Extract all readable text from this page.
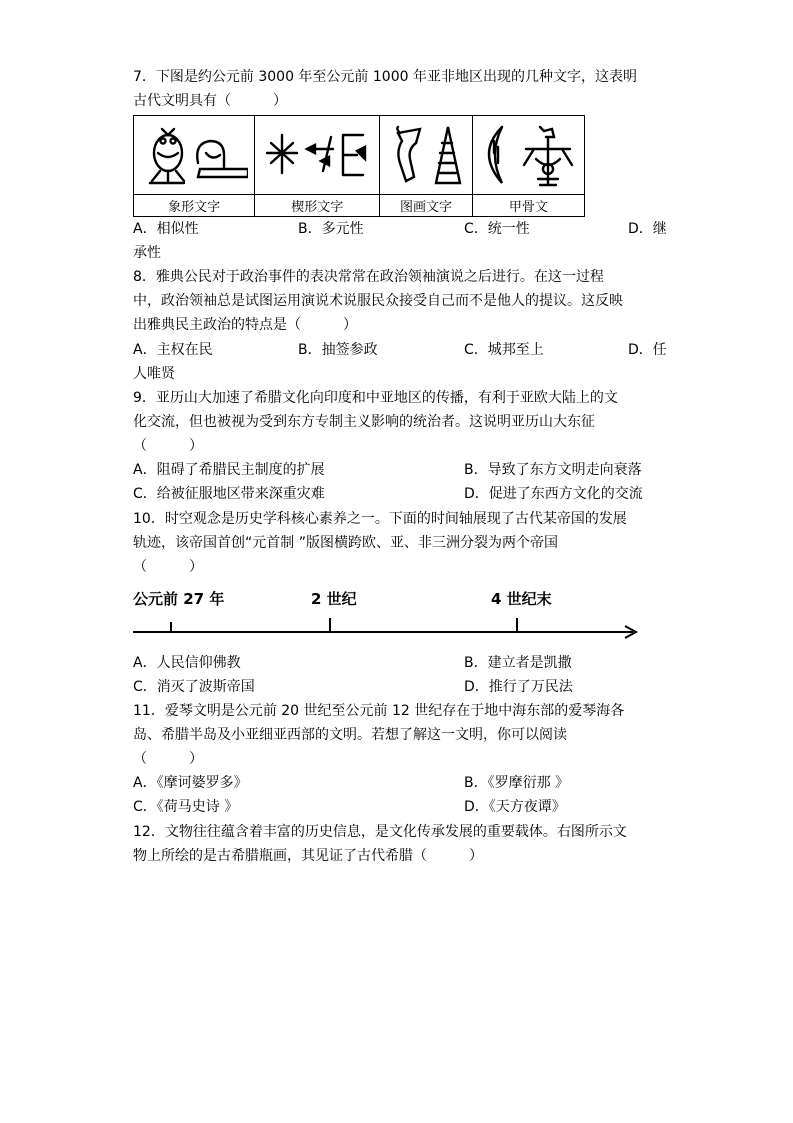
7．下图是约公元前 3000 年至公元前 1000 年亚非地区出现的几种文字，这表明
古代文明具有（　　　）

象形文字	楔形文字	图画文字	甲骨文
A．相似性	B．多元性	C．统一性	D．继
承性
8．雅典公民对于政治事件的表决常常在政治领袖演说之后进行。在这一过程
中，政治领袖总是试图运用演说术说服民众接受自己而不是他人的提议。这反映
出雅典民主政治的特点是（　　　）
A．主权在民	B．抽签参政	C．城邦至上	D．任
人唯贤
9．亚历山大加速了希腊文化向印度和中亚地区的传播，有利于亚欧大陆上的文
化交流，但也被视为受到东方专制主义影响的统治者。这说明亚历山大东征
（　　　）
A．阻碍了希腊民主制度的扩展	B．导致了东方文明走向衰落
C．给被征服地区带来深重灾难	D．促进了东西方文化的交流
10．时空观念是历史学科核心素养之一。下面的时间轴展现了古代某帝国的发展
轨迹，该帝国首创“元首制 ”版图横跨欧、亚、非三洲分裂为两个帝国
（　　　）
公元前 27 年	2 世纪	4 世纪末
A．人民信仰佛教	B．建立者是凯撒
C．消灭了波斯帝国	D．推行了万民法
11．爱琴文明是公元前 20 世纪至公元前 12 世纪存在于地中海东部的爱琴海各
岛、希腊半岛及小亚细亚西部的文明。若想了解这一文明，你可以阅读
（　　　）
A．《摩诃婆罗多》	B．《罗摩衍那 》
C．《荷马史诗 》	D．《天方夜谭》
12．文物往往蕴含着丰富的历史信息，是文化传承发展的重要载体。右图所示文
物上所绘的是古希腊瓶画，其见证了古代希腊（　　　）
